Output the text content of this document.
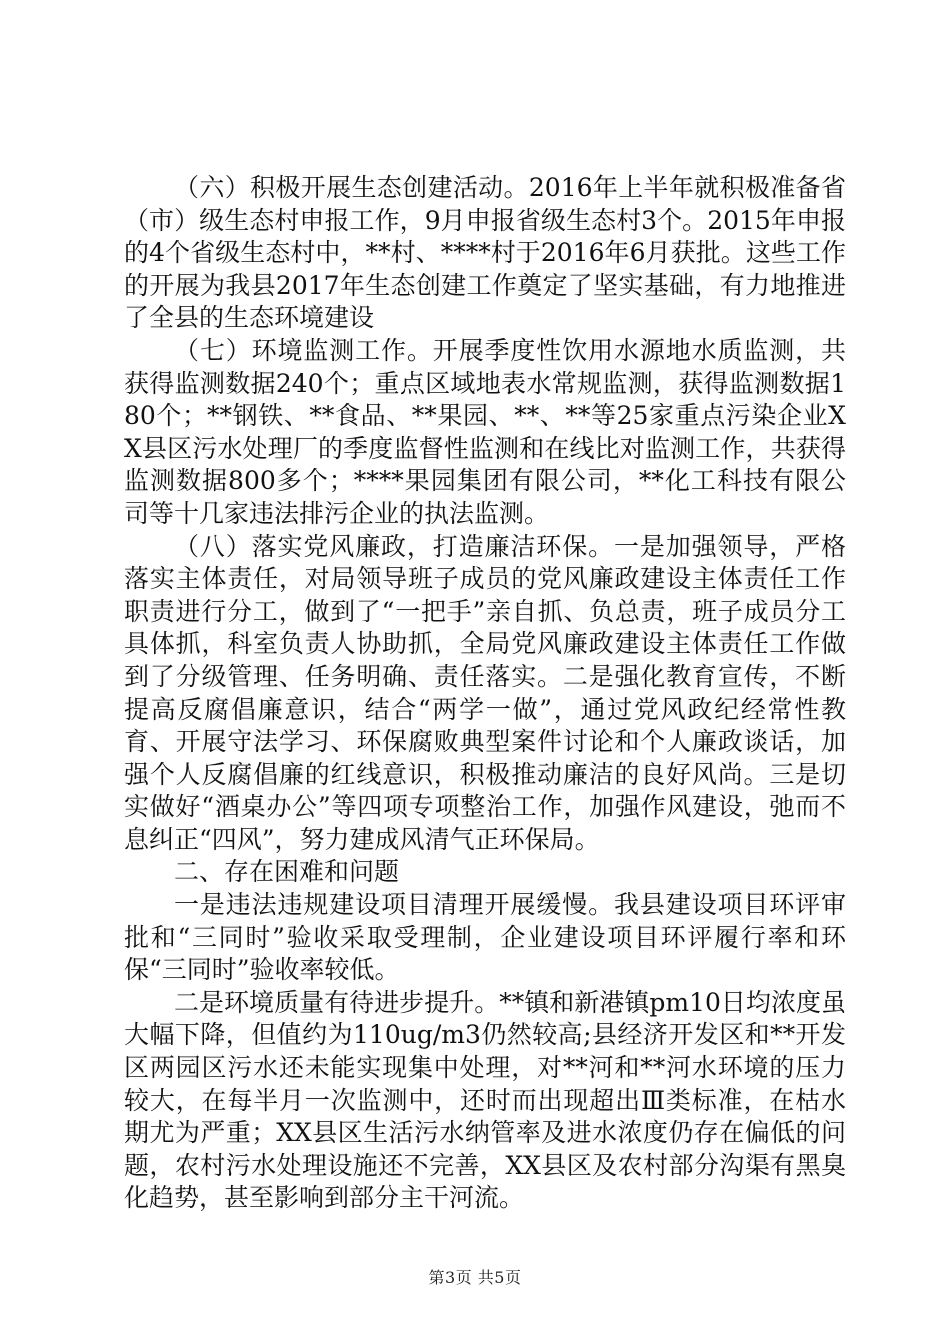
（六）积极开展生态创建活动。2016年上半年就积极准备省（市）级生态村申报工作，9月申报省级生态村3个。2015年申报的4个省级生态村中，**村、****村于2016年6月获批。这些工作的开展为我县2017年生态创建工作奠定了坚实基础，有力地推进了全县的生态环境建设

（七）环境监测工作。开展季度性饮用水源地水质监测，共获得监测数据240个；重点区域地表水常规监测，获得监测数据180个；**钢铁、**食品、**果园、**、**等25家重点污染企业XX县区污水处理厂的季度监督性监测和在线比对监测工作，共获得监测数据800多个；****果园集团有限公司，**化工科技有限公司等十几家违法排污企业的执法监测。

（八）落实党风廉政，打造廉洁环保。一是加强领导，严格落实主体责任，对局领导班子成员的党风廉政建设主体责任工作职责进行分工，做到了“一把手”亲自抓、负总责，班子成员分工具体抓，科室负责人协助抓，全局党风廉政建设主体责任工作做到了分级管理、任务明确、责任落实。二是强化教育宣传，不断提高反腐倡廉意识，结合“两学一做”，通过党风政纪经常性教育、开展守法学习、环保腐败典型案件讨论和个人廉政谈话，加强个人反腐倡廉的红线意识，积极推动廉洁的良好风尚。三是切实做好“酒桌办公”等四项专项整治工作，加强作风建设，弛而不息纠正“四风”，努力建成风清气正环保局。

二、存在困难和问题

一是违法违规建设项目清理开展缓慢。我县建设项目环评审批和“三同时”验收采取受理制，企业建设项目环评履行率和环保“三同时”验收率较低。

二是环境质量有待进步提升。**镇和新港镇pm10日均浓度虽大幅下降，但值约为110ug/m3仍然较高;县经济开发区和**开发区两园区污水还未能实现集中处理，对**河和**河水环境的压力较大，在每半月一次监测中，还时而出现超出Ⅲ类标准，在枯水期尤为严重；XX县区生活污水纳管率及进水浓度仍存在偏低的问题，农村污水处理设施还不完善，XX县区及农村部分沟渠有黑臭化趋势，甚至影响到部分主干河流。

第3页 共5页
